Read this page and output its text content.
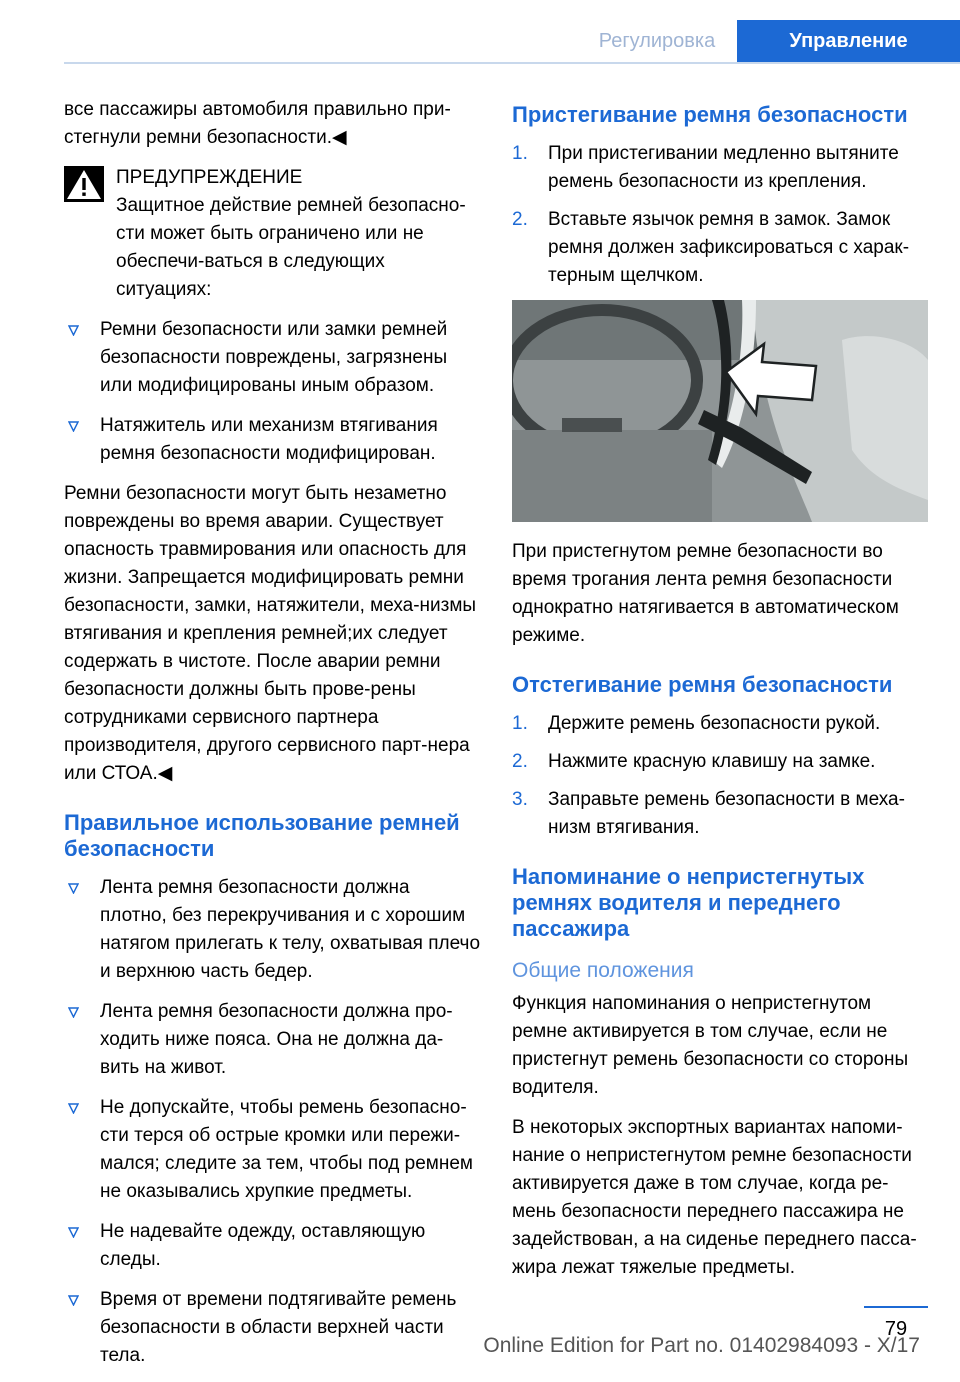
Регулировка	Управление

все пассажиры автомобиля правильно при-стегнули ремни безопасности.◀

ПРЕДУПРЕЖДЕНИЕ

Защитное действие ремней безопасно-сти может быть ограничено или не обеспечи-ваться в следующих ситуациях:

Ремни безопасности или замки ремней безопасности повреждены, загрязнены или модифицированы иным образом.
Натяжитель или механизм втягивания ремня безопасности модифицирован.

Ремни безопасности могут быть незаметно повреждены во время аварии. Существует опасность травмирования или опасность для жизни. Запрещается модифицировать ремни безопасности, замки, натяжители, меха-низмы втягивания и крепления ремней;их следует содержать в чистоте. После аварии ремни безопасности должны быть прове-рены сотрудниками сервисного партнера производителя, другого сервисного парт-нера или СТОА.◀

Правильное использование ремней безопасности
Лента ремня безопасности должна плотно, без перекручивания и с хорошим натягом прилегать к телу, охватывая плечо и верхнюю часть бедер.
Лента ремня безопасности должна про-ходить ниже пояса. Она не должна да-вить на живот.
Не допускайте, чтобы ремень безопасно-сти терся об острые кромки или пережи-мался; следите за тем, чтобы под ремнем не оказывались хрупкие предметы.
Не надевайте одежду, оставляющую следы.
Время от времени подтягивайте ремень безопасности в области верхней части тела.
Пристегивание ремня безопасности
1. При пристегивании медленно вытяните ремень безопасности из крепления.
2. Вставьте язычок ремня в замок. Замок ремня должен зафиксироваться с харак-терным щелчком.

При пристегнутом ремне безопасности во время трогания лента ремня безопасности однократно натягивается в автоматическом режиме.

Отстегивание ремня безопасности
1. Держите ремень безопасности рукой.
2. Нажмите красную клавишу на замке.
3. Заправьте ремень безопасности в меха-низм втягивания.
Напоминание о непристегнутых ремнях водителя и переднего пассажира
Общие положения

Функция напоминания о непристегнутом ремне активируется в том случае, если не пристегнут ремень безопасности со стороны водителя.

В некоторых экспортных вариантах напоми-нание о непристегнутом ремне безопасности активируется даже в том случае, когда ре-мень безопасности переднего пассажира не задействован, а на сиденье переднего пасса-жира лежат тяжелые предметы.

79
Online Edition for Part no. 01402984093 - X/17
